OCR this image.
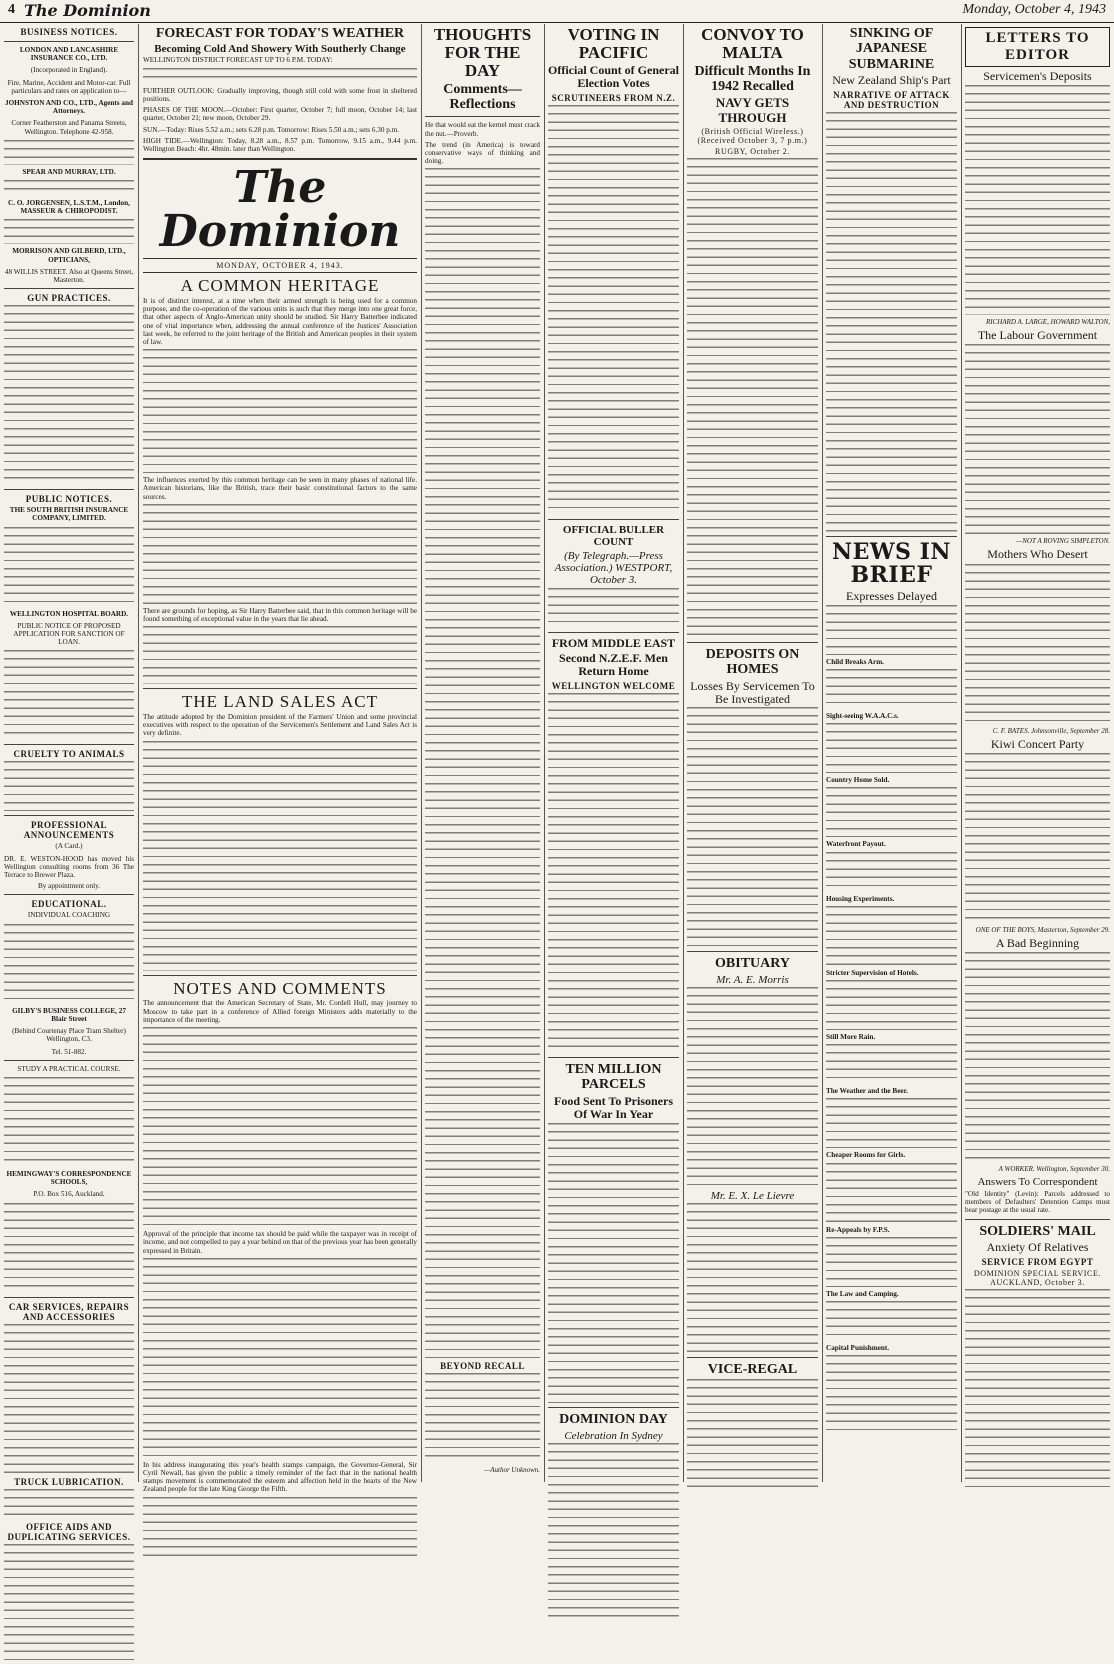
4 The Dominion	Monday, October 4, 1943
BUSINESS NOTICES.
LONDON AND LANCASHIRE INSURANCE CO., LTD.
(Incorporated in England).
Fire, Marine, Accident and Motor-car. Full particulars and rates on application to—
JOHNSTON AND CO., LTD., Agents and Attorneys.
Corner Featherston and Panama Streets, Wellington. Telephone 42-958.
SPEAR AND MURRAY, LTD.
C. O. JORGENSEN, L.S.T.M., London, MASSEUR & CHIROPODIST.
MORRISON AND GILBERD, LTD., OPTICIANS,
48 WILLIS STREET. Also at Queens Street, Masterton.
GUN PRACTICES.
PUBLIC NOTICES.
THE SOUTH BRITISH INSURANCE COMPANY, LIMITED.
WELLINGTON HOSPITAL BOARD.
PUBLIC NOTICE OF PROPOSED APPLICATION FOR SANCTION OF LOAN.
CRUELTY TO ANIMALS
PROFESSIONAL ANNOUNCEMENTS
(A Card.)
DR. E. WESTON-HOOD has moved his Wellington consulting rooms from 36 The Terrace to Brewer Plaza.
By appointment only.
EDUCATIONAL.
INDIVIDUAL COACHING
GILBY'S BUSINESS COLLEGE, 27 Blair Street
(Behind Courtenay Place Tram Shelter) Wellington, C3.
Tel. 51-882.
STUDY A PRACTICAL COURSE.
HEMINGWAY'S CORRESPONDENCE SCHOOLS,
P.O. Box 516, Auckland.
CAR SERVICES, REPAIRS AND ACCESSORIES
TRUCK LUBRICATION.
OFFICE AIDS AND DUPLICATING SERVICES.
FORECAST FOR TODAY'S WEATHER
Becoming Cold And Showery With Southerly Change
WELLINGTON DISTRICT FORECAST UP TO 6 P.M. TODAY:
FURTHER OUTLOOK: Gradually improving, though still cold with some frost in sheltered positions.
PHASES OF THE MOON.—October: First quarter, October 7; full moon, October 14; last quarter, October 21; new moon, October 29.
SUN.—Today: Rises 5.52 a.m.; sets 6.28 p.m. Tomorrow: Rises 5.50 a.m.; sets 6.30 p.m.
HIGH TIDE.—Wellington: Today, 8.28 a.m., 8.57 p.m. Tomorrow, 9.15 a.m., 9.44 p.m. Wellington Beach: 4hr. 48min. later than Wellington.
The Dominion
MONDAY, OCTOBER 4, 1943.
A COMMON HERITAGE
It is of distinct interest, at a time when their armed strength is being used for a common purpose, and the co-operation of the various units is such that they merge into one great force, that other aspects of Anglo-American unity should be studied. Sir Harry Batterbee indicated one of vital importance when, addressing the annual conference of the Justices' Association last week, he referred to the joint heritage of the British and American peoples in their system of law.
The influences exerted by this common heritage can be seen in many phases of national life. American historians, like the British, trace their basic constitutional factors to the same sources.
There are grounds for hoping, as Sir Harry Batterbee said, that in this common heritage will be found something of exceptional value in the years that lie ahead.
THE LAND SALES ACT
The attitude adopted by the Dominion president of the Farmers' Union and some provincial executives with respect to the operation of the Servicemen's Settlement and Land Sales Act is very definite.
NOTES AND COMMENTS
The announcement that the American Secretary of State, Mr. Cordell Hull, may journey to Moscow to take part in a conference of Allied foreign Ministers adds materially to the importance of the meeting.
Approval of the principle that income tax should be paid while the taxpayer was in receipt of income, and not compelled to pay a year behind on that of the previous year has been generally expressed in Britain.
In his address inaugurating this year's health stamps campaign, the Governor-General, Sir Cyril Newall, has given the public a timely reminder of the fact that in the national health stamps movement is commemorated the esteem and affection held in the hearts of the New Zealand people for the late King George the Fifth.
THOUGHTS FOR THE DAY
Comments—Reflections
He that would eat the kernel must crack the nut.—Proverb.
The trend (in America) is toward conservative ways of thinking and doing.
BEYOND RECALL
—Author Unknown.
VOTING IN PACIFIC
Official Count of General Election Votes
SCRUTINEERS FROM N.Z.
OFFICIAL BULLER COUNT
(By Telegraph.—Press Association.) WESTPORT, October 3.
FROM MIDDLE EAST
Second N.Z.E.F. Men Return Home
WELLINGTON WELCOME
TEN MILLION PARCELS
Food Sent To Prisoners Of War In Year
DOMINION DAY
Celebration In Sydney
CONVOY TO MALTA
Difficult Months In 1942 Recalled
NAVY GETS THROUGH
(British Official Wireless.) (Received October 3, 7 p.m.)
RUGBY, October 2.
DEPOSITS ON HOMES
Losses By Servicemen To Be Investigated
OBITUARY
Mr. A. E. Morris
Mr. E. X. Le Lievre
VICE-REGAL
SINKING OF JAPANESE SUBMARINE
New Zealand Ship's Part
NARRATIVE OF ATTACK AND DESTRUCTION
NEWS IN BRIEF
Expresses Delayed
Child Breaks Arm.
Sight-seeing W.A.A.C.s.
Country Home Sold.
Waterfront Payout.
Housing Experiments.
Stricter Supervision of Hotels.
Still More Rain.
The Weather and the Beer.
Cheaper Rooms for Girls.
Re-Appeals by F.P.S.
The Law and Camping.
Capital Punishment.
LETTERS TO EDITOR
Servicemen's Deposits
RICHARD A. LARGE, HOWARD WALTON,
The Labour Government
—NOT A ROVING SIMPLETON.
Mothers Who Desert
C. F. BATES. Johnsonville, September 28.
Kiwi Concert Party
ONE OF THE BOYS, Masterton, September 29.
A Bad Beginning
A WORKER. Wellington, September 30.
Answers To Correspondent
"Old Identity" (Levin): Parcels addressed to members of Defaulters' Detention Camps must bear postage at the usual rate.
SOLDIERS' MAIL
Anxiety Of Relatives
SERVICE FROM EGYPT
DOMINION SPECIAL SERVICE. AUCKLAND, October 3.
